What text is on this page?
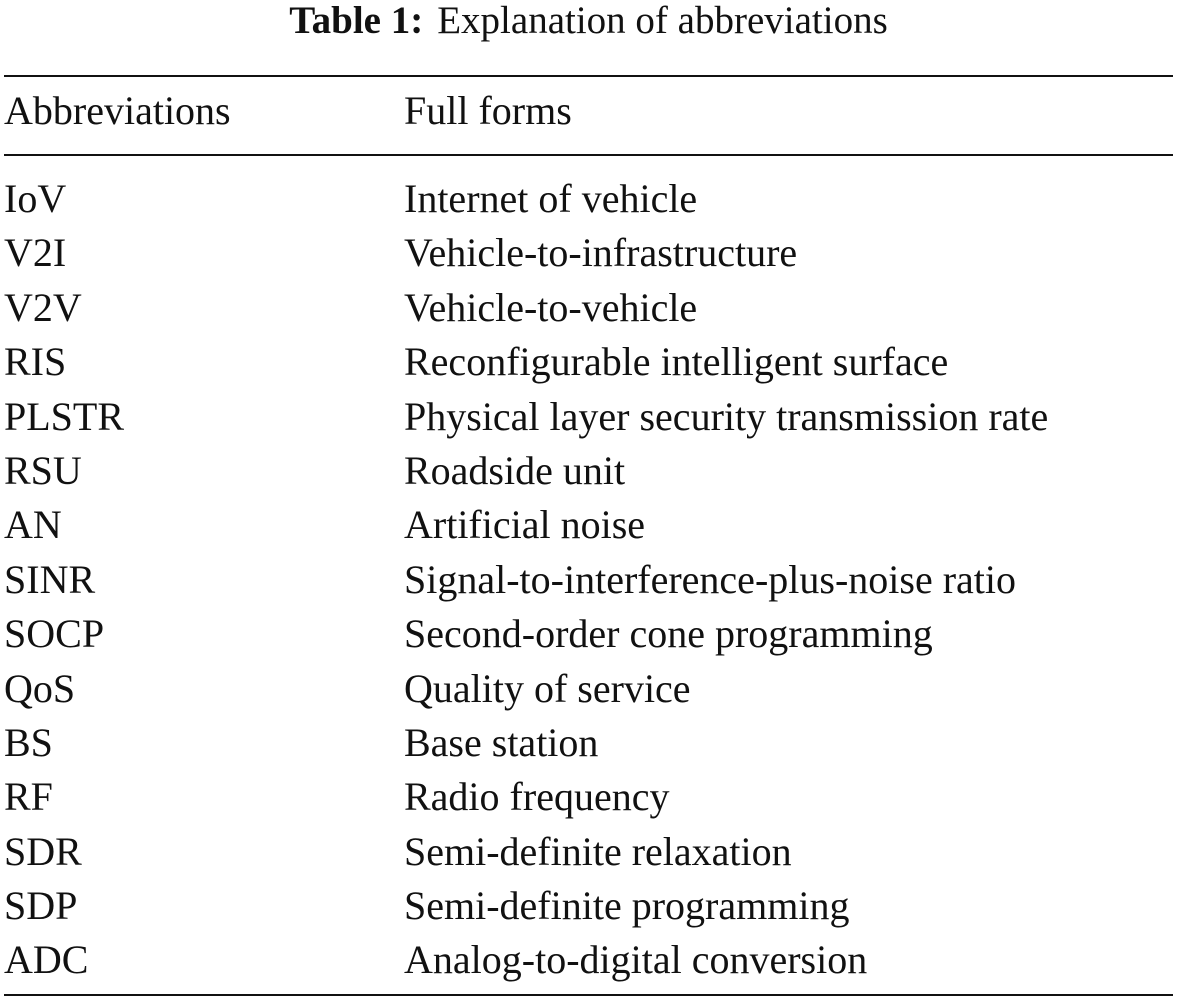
Table 1: Explanation of abbreviations
Abbreviations	Full forms
IoV	Internet of vehicle
V2I	Vehicle-to-infrastructure
V2V	Vehicle-to-vehicle
RIS	Reconfigurable intelligent surface
PLSTR	Physical layer security transmission rate
RSU	Roadside unit
AN	Artificial noise
SINR	Signal-to-interference-plus-noise ratio
SOCP	Second-order cone programming
QoS	Quality of service
BS	Base station
RF	Radio frequency
SDR	Semi-definite relaxation
SDP	Semi-definite programming
ADC	Analog-to-digital conversion
